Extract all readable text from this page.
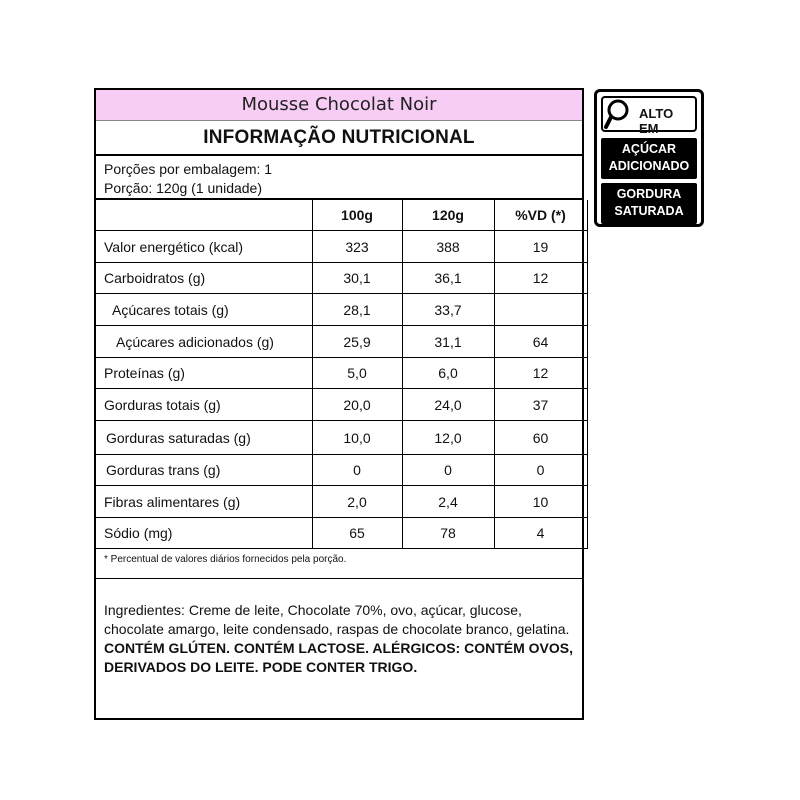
Mousse Chocolat Noir
INFORMAÇÃO NUTRICIONAL
Porções por embalagem: 1
Porção: 120g (1 unidade)
	100g	120g	%VD (*)
Valor energético (kcal)	323	388	19
Carboidratos (g)	30,1	36,1	12
Açúcares totais (g)	28,1	33,7	
Açúcares adicionados (g)	25,9	31,1	64
Proteínas (g)	5,0	6,0	12
Gorduras totais (g)	20,0	24,0	37
Gorduras saturadas (g)	10,0	12,0	60
Gorduras trans (g)	0	0	0
Fibras alimentares (g)	2,0	2,4	10
Sódio (mg)	65	78	4
* Percentual de valores diários fornecidos pela porção.
Ingredientes: Creme de leite, Chocolate 70%, ovo, açúcar, glucose, chocolate amargo, leite condensado, raspas de chocolate branco, gelatina. CONTÉM GLÚTEN. CONTÉM LACTOSE. ALÉRGICOS: CONTÉM OVOS, DERIVADOS DO LEITE. PODE CONTER TRIGO.
ALTO EM
AÇÚCAR
ADICIONADO
GORDURA
SATURADA
